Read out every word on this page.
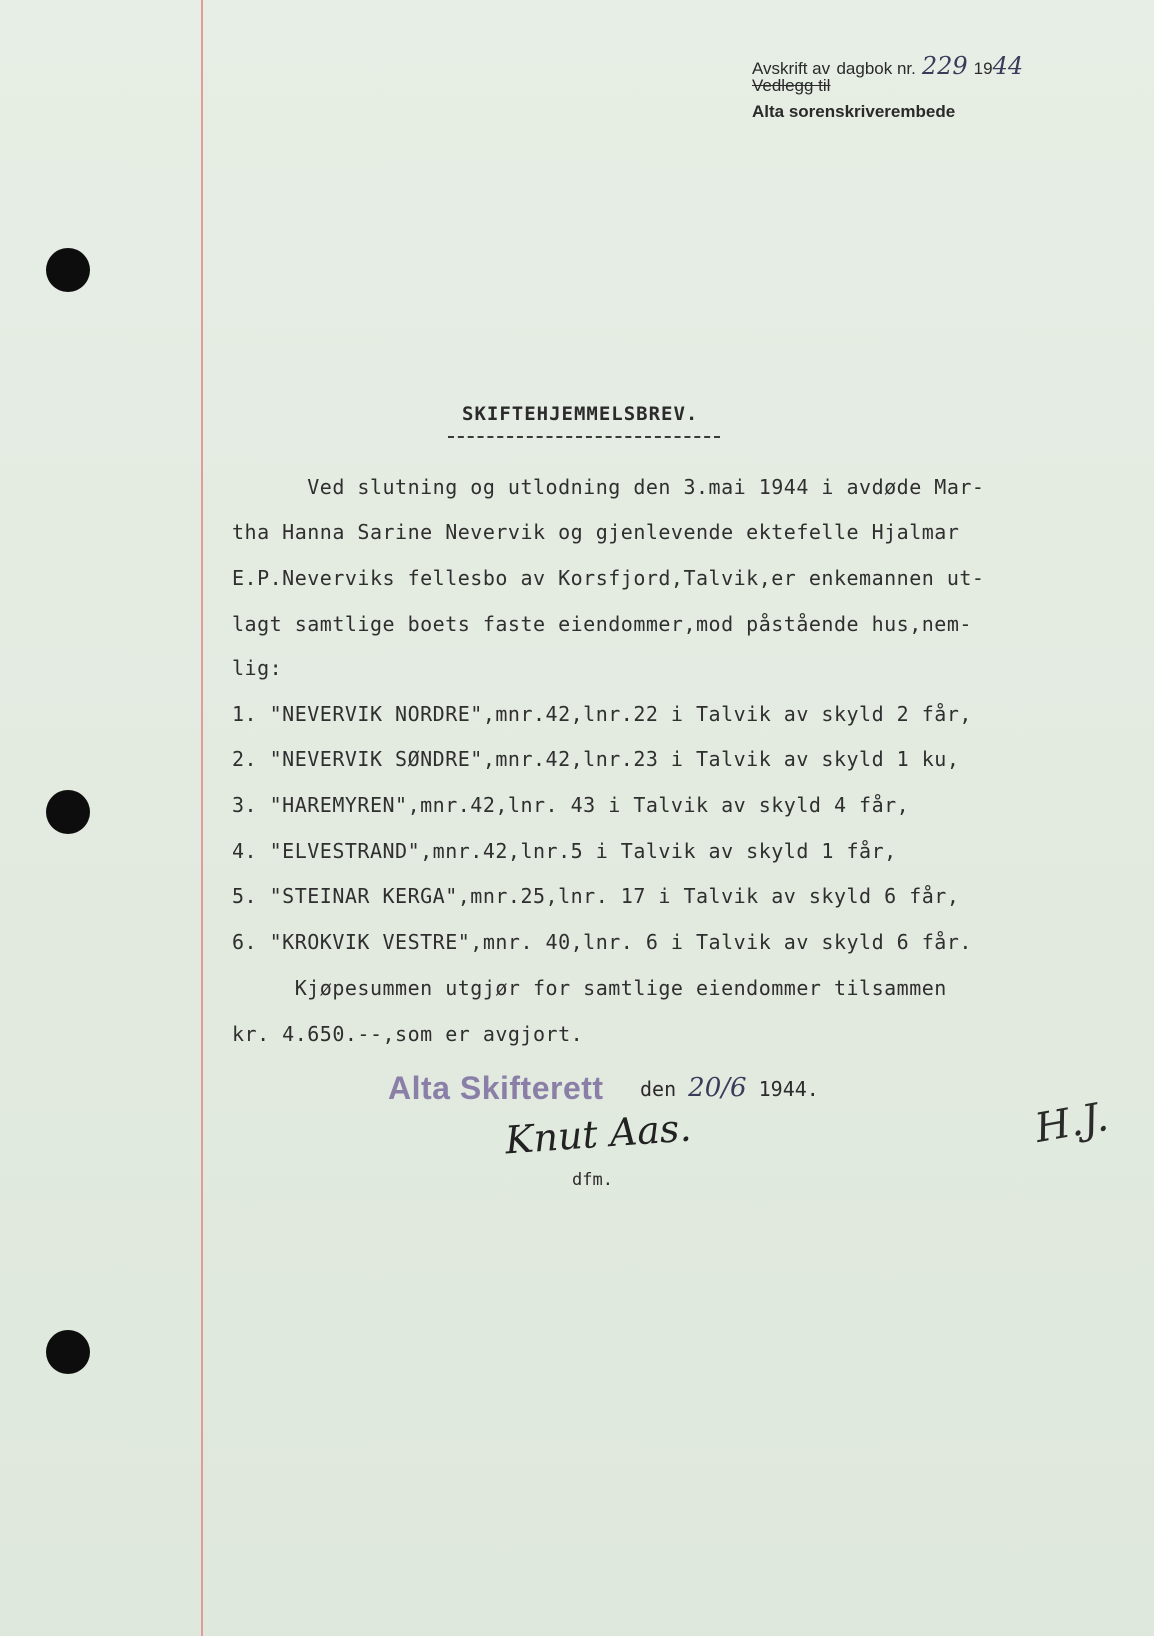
Avskrift av
Vedlegg til
dagbok nr. 229 19 44
Alta sorenskriverembede
SKIFTEHJEMMELSBREV.
Ved slutning og utlodning den 3.mai 1944 i avdøde Mar-
tha Hanna Sarine Nevervik og gjenlevende ektefelle Hjalmar
E.P.Neverviks fellesbo av Korsfjord,Talvik,er enkemannen ut-
lagt samtlige boets faste eiendommer,mod påstående hus,nem-
lig:
1. "NEVERVIK NORDRE",mnr.42,lnr.22 i Talvik av skyld 2 får,
2. "NEVERVIK SØNDRE",mnr.42,lnr.23 i Talvik av skyld 1 ku,
3. "HAREMYREN",mnr.42,lnr. 43 i Talvik av skyld 4 får,
4. "ELVESTRAND",mnr.42,lnr.5 i Talvik av skyld 1 får,
5. "STEINAR KERGA",mnr.25,lnr. 17 i Talvik av skyld 6 får,
6. "KROKVIK VESTRE",mnr. 40,lnr. 6 i Talvik av skyld 6 får.
Kjøpesummen utgjør for samtlige eiendommer tilsammen
kr. 4.650.--,som er avgjort.
Alta Skifterett den 20/6 1944.
Knut Aas.
dfm.
H.J.
